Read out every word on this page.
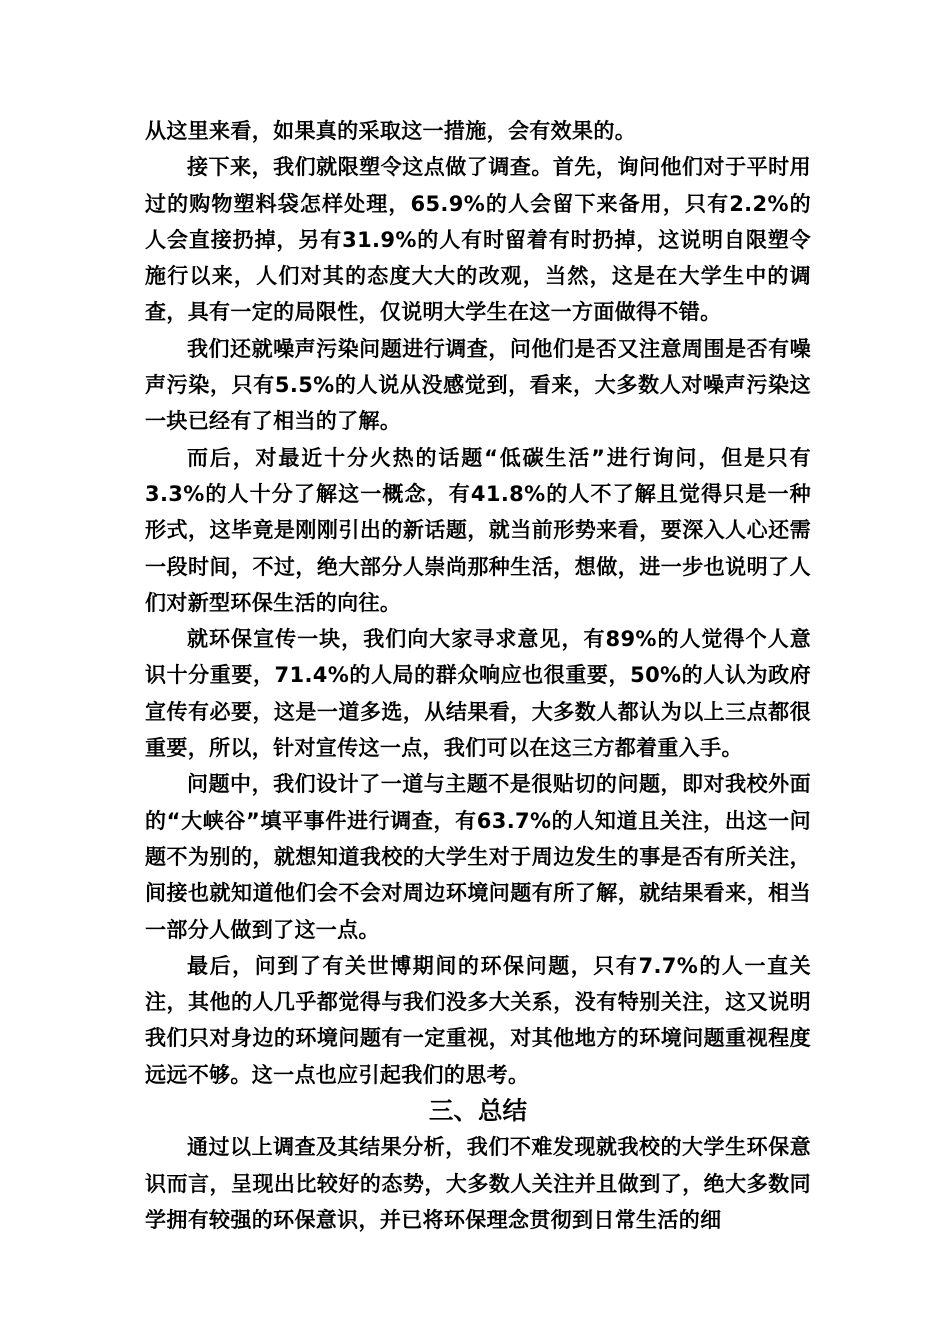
从这里来看，如果真的采取这一措施，会有效果的。

接下来，我们就限塑令这点做了调查。首先，询问他们对于平时用过的购物塑料袋怎样处理，65.9%的人会留下来备用，只有2.2%的人会直接扔掉，另有31.9%的人有时留着有时扔掉，这说明自限塑令施行以来，人们对其的态度大大的改观，当然，这是在大学生中的调查，具有一定的局限性，仅说明大学生在这一方面做得不错。

我们还就噪声污染问题进行调查，问他们是否又注意周围是否有噪声污染，只有5.5%的人说从没感觉到，看来，大多数人对噪声污染这一块已经有了相当的了解。

而后，对最近十分火热的话题“低碳生活”进行询问，但是只有3.3%的人十分了解这一概念，有41.8%的人不了解且觉得只是一种形式，这毕竟是刚刚引出的新话题，就当前形势来看，要深入人心还需一段时间，不过，绝大部分人崇尚那种生活，想做，进一步也说明了人们对新型环保生活的向往。

就环保宣传一块，我们向大家寻求意见，有89%的人觉得个人意识十分重要，71.4%的人局的群众响应也很重要，50%的人认为政府宣传有必要，这是一道多选，从结果看，大多数人都认为以上三点都很重要，所以，针对宣传这一点，我们可以在这三方都着重入手。

问题中，我们设计了一道与主题不是很贴切的问题，即对我校外面的“大峡谷”填平事件进行调查，有63.7%的人知道且关注，出这一问题不为别的，就想知道我校的大学生对于周边发生的事是否有所关注，间接也就知道他们会不会对周边环境问题有所了解，就结果看来，相当一部分人做到了这一点。

最后，问到了有关世博期间的环保问题，只有7.7%的人一直关注，其他的人几乎都觉得与我们没多大关系，没有特别关注，这又说明我们只对身边的环境问题有一定重视，对其他地方的环境问题重视程度远远不够。这一点也应引起我们的思考。

三、总结

通过以上调查及其结果分析，我们不难发现就我校的大学生环保意识而言，呈现出比较好的态势，大多数人关注并且做到了，绝大多数同学拥有较强的环保意识，并已将环保理念贯彻到日常生活的细
